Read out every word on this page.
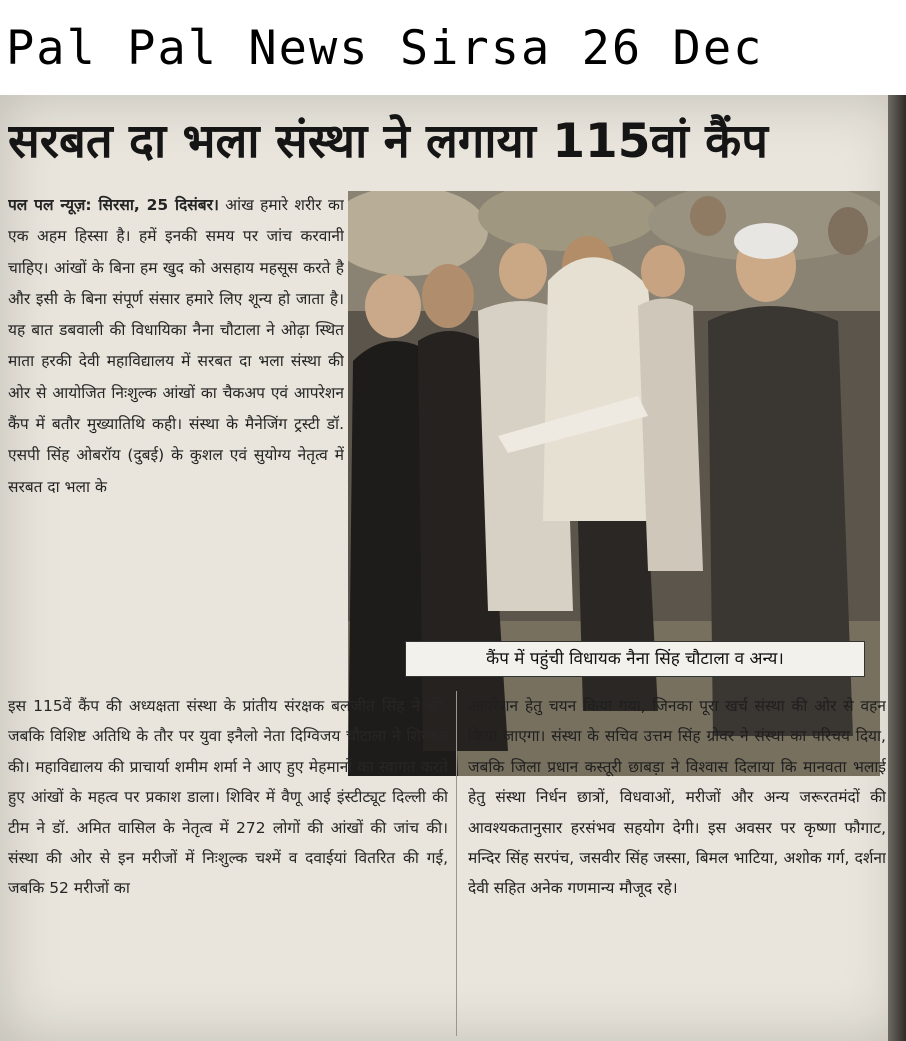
Pal Pal News Sirsa 26 Dec
सरबत दा भला संस्था ने लगाया 115वां कैंप
पल पल न्यूज़: सिरसा, 25 दिसंबर। आंख हमारे शरीर का एक अहम हिस्सा है। हमें इनकी समय पर जांच करवानी चाहिए। आंखों के बिना हम खुद को असहाय महसूस करते है और इसी के बिना संपूर्ण संसार हमारे लिए शून्य हो जाता है। यह बात डबवाली की विधायिका नैना चौटाला ने ओढ़ा स्थित माता हरकी देवी महाविद्यालय में सरबत दा भला संस्था की ओर से आयोजित निःशुल्क आंखों का चैकअप एवं आपरेशन कैंप में बतौर मुख्यातिथि कही। संस्था के मैनेजिंग ट्रस्टी डॉ. एसपी सिंह ओबरॉय (दुबई) के कुशल एवं सुयोग्य नेतृत्व में सरबत दा भला के
कैंप में पहुंची विधायक नैना सिंह चौटाला व अन्य।
इस 115वें कैंप की अध्यक्षता संस्था के प्रांतीय संरक्षक बलजीत सिंह ने की, जबकि विशिष्ट अतिथि के तौर पर युवा इनैलो नेता दिग्विजय चौटाला ने शिरकत की। महाविद्यालय की प्राचार्या शमीम शर्मा ने आए हुए मेहमानों का स्वागत करते हुए आंखों के महत्व पर प्रकाश डाला। शिविर में वैणू आई इंस्टीट्यूट दिल्ली की टीम ने डॉ. अमित वासिल के नेतृत्व में 272 लोगों की आंखों की जांच की। संस्था की ओर से इन मरीजों में निःशुल्क चश्में व दवाईयां वितरित की गई, जबकि 52 मरीजों का
आपरेशन हेतु चयन किया गया, जिनका पूरा खर्च संस्था की ओर से वहन किया जाएगा। संस्था के सचिव उत्तम सिंह ग्रोवर ने संस्था का परिचय दिया, जबकि जिला प्रधान कस्तूरी छाबड़ा ने विश्वास दिलाया कि मानवता भलाई हेतु संस्था निर्धन छात्रों, विधवाओं, मरीजों और अन्य जरूरतमंदों की आवश्यकतानुसार हरसंभव सहयोग देगी। इस अवसर पर कृष्णा फौगाट, मन्दिर सिंह सरपंच, जसवीर सिंह जस्सा, बिमल भाटिया, अशोक गर्ग, दर्शना देवी सहित अनेक गणमान्य मौजूद रहे।
